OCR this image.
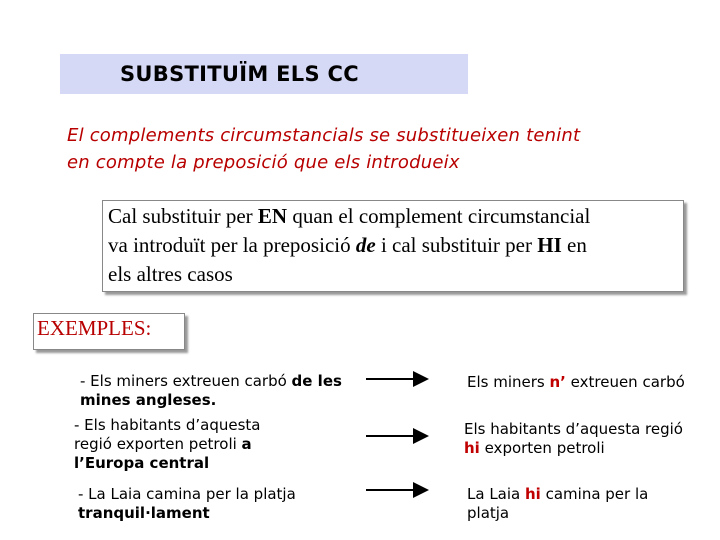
SUBSTITUÏM ELS CC
El complements circumstancials se substitueixen tenint
en compte la preposició que els introdueix
Cal substituir per EN quan el complement circumstancial
va introduït per la preposició de i cal substituir per HI en
els altres casos
EXEMPLES:
- Els miners extreuen carbó de les
mines angleses.
Els miners n’ extreuen carbó
- Els habitants d’aquesta
regió exporten petroli a
l’Europa central
Els habitants d’aquesta regió
hi exporten petroli
- La Laia camina per la platja
tranquil·lament
La Laia hi camina per la
platja
